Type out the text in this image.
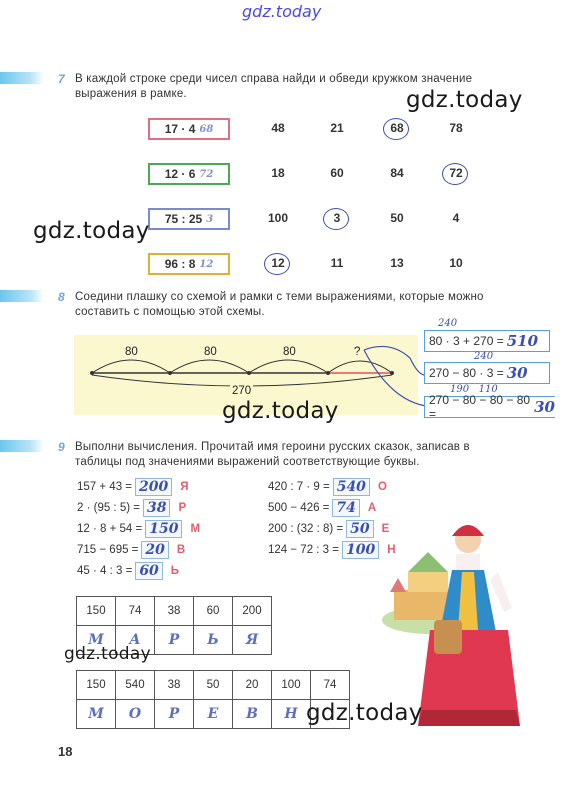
gdz.today
7 В каждой строке среди чисел справа найди и обведи кружком значение
выражения в рамке.	gdz.today
17 · 4 68	48	21	68	78
12 · 6 72	18	60	84	72
75 : 25 3	100	3	50	4
96 : 8 12	12	11	13	10
gdz.today
8 Соедини плашку со схемой и рамки с теми выражениями, которые можно
составить с помощью этой схемы.
80	80	80	?
270
240
80 · 3 + 270 = 510
240
270 − 80 · 3 = 30
190   110
270 − 80 − 80 − 80 =	30
gdz.today
9 Выполни вычисления. Прочитай имя героини русских сказок, записав в
таблицы под значениями выражений соответствующие буквы.
157 + 43 = 200	Я
2 · (95 : 5) = 38	Р
12 · 8 + 54 = 150	М
715 − 695 = 20	В
45 · 4 : 3 = 60	Ь
420 : 7 · 9 = 540	О
500 − 426 = 74	А
200 : (32 : 8) = 50	Е
124 − 72 : 3 = 100	Н
150	74	38	60	200
М	А	Р	Ь	Я
gdz.today
150	540	38	50	20	100	74
М	О	Р	Е	В	Н	gdz.today
18
